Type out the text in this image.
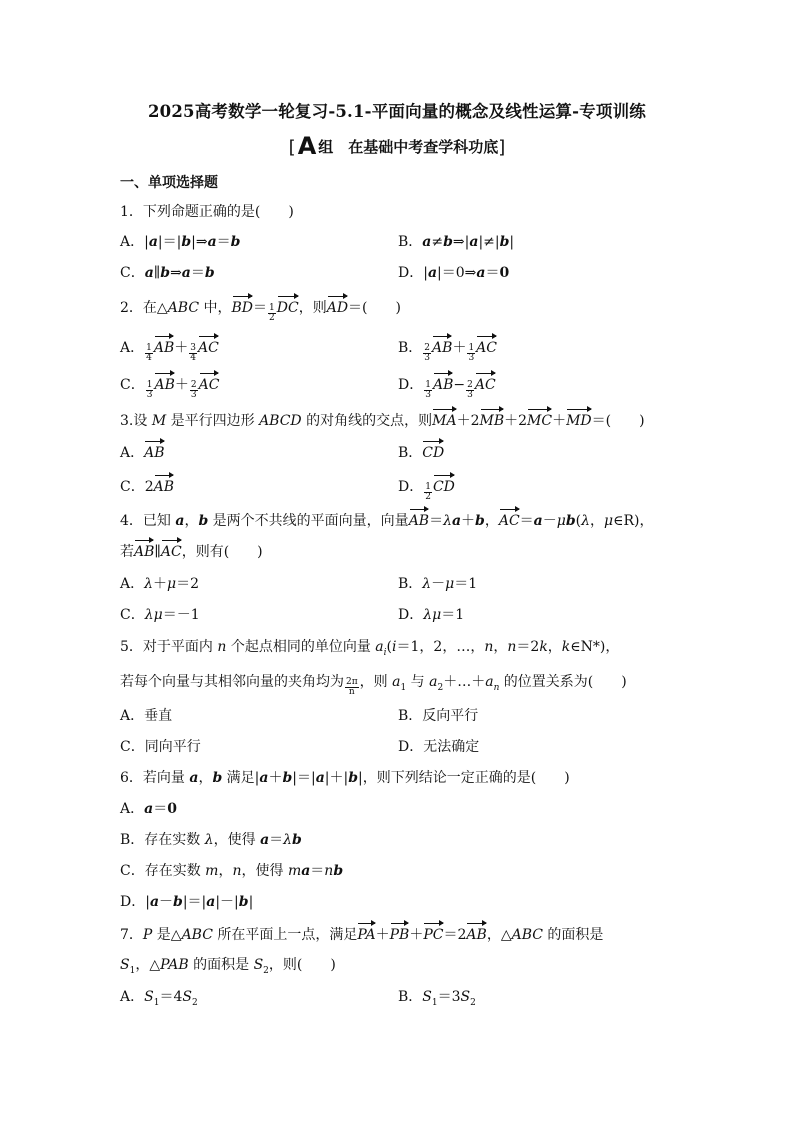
2025高考数学一轮复习-5.1-平面向量的概念及线性运算-专项训练
[A 组　在基础中考查学科功底]
一、单项选择题
1．下列命题正确的是(　　)
A．|a|＝|b|⇒a＝b	B．a≠b⇒|a|≠|b|
C．a∥b⇒a＝b	D．|a|＝0⇒a＝0
2．在△ABC 中，$BD= \frac{1}{2}$ DC，则AD＝(　　)
A． $\frac{1}{4} AB+ \frac{3}{4}$ AC	B． $\frac{2}{3} AB+ \frac{1}{3}$ AC
C． $\frac{1}{3} AB+ \frac{2}{3}$ AC	D． $\frac{1}{3} AB- \frac{2}{3}$ AC
3.设 M 是平行四边形 ABCD 的对角线的交点，则MA＋2MB＋2MC＋MD＝(　　)
A．AB	B．CD
C．2AB	D． $\frac{1}{2}$ CD
4．已知 a，b 是两个不共线的平面向量，向量AB＝λa＋b，AC＝a－μb(λ，μ∈R)，
若AB∥AC，则有(　　)
A．λ＋μ＝2	B．λ－μ＝1
C．λμ＝－1	D．λμ＝1
5．对于平面内 n 个起点相同的单位向量 $a_i(i=1$，2，…，n，n＝2k，k∈N*)，
若每个向量与其相邻向量的夹角均为 $\frac{2\pi}{n}$ ，则 $a_1$ 与 $a_2+\dots+a_n$ 的位置关系为(　　)
A．垂直	B．反向平行
C．同向平行	D．无法确定
6．若向量 a，b 满足|a＋b|＝|a|＋|b|，则下列结论一定正确的是(　　)
A．a＝0
B．存在实数 λ，使得 a＝λb
C．存在实数 m，n，使得 ma＝nb
D．|a－b|＝|a|－|b|
7．P 是△ABC 所在平面上一点，满足PA＋PB＋PC＝2AB，△ABC 的面积是
$S_1$，△PAB 的面积是 $S_2$，则(　　)
A．$S_1=4S_2$	B．$S_1=3S_2$
